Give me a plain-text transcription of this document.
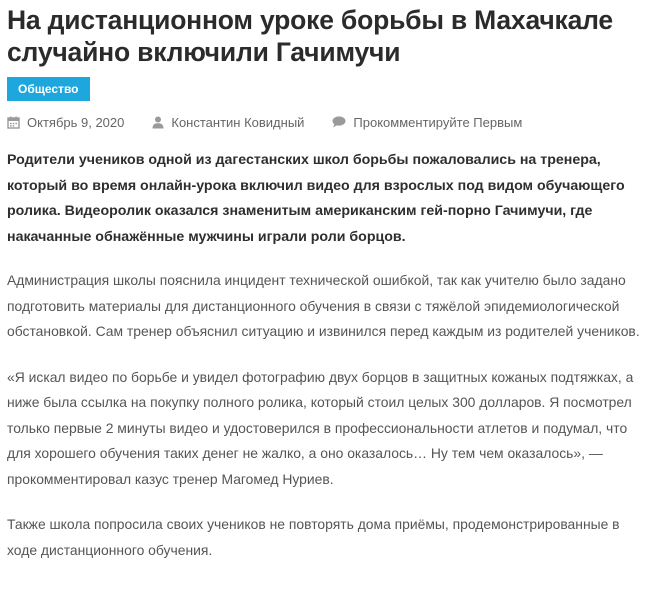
На дистанционном уроке борьбы в Махачкале случайно включили Гачимучи
Общество
Октябрь 9, 2020	Константин Ковидный	Прокомментируйте Первым

Родители учеников одной из дагестанских школ борьбы пожаловались на тренера, который во время онлайн-урока включил видео для взрослых под видом обучающего ролика. Видеоролик оказался знаменитым американским гей-порно Гачимучи, где накачанные обнажённые мужчины играли роли борцов.

Администрация школы пояснила инцидент технической ошибкой, так как учителю было задано подготовить материалы для дистанционного обучения в связи с тяжёлой эпидемиологической обстановкой. Сам тренер объяснил ситуацию и извинился перед каждым из родителей учеников.

«Я искал видео по борьбе и увидел фотографию двух борцов в защитных кожаных подтяжках, а ниже была ссылка на покупку полного ролика, который стоил целых 300 долларов. Я посмотрел только первые 2 минуты видео и удостоверился в профессиональности атлетов и подумал, что для хорошего обучения таких денег не жалко, а оно оказалось… Ну тем чем оказалось», — прокомментировал казус тренер Магомед Нуриев.

Также школа попросила своих учеников не повторять дома приёмы, продемонстрированные в ходе дистанционного обучения.
